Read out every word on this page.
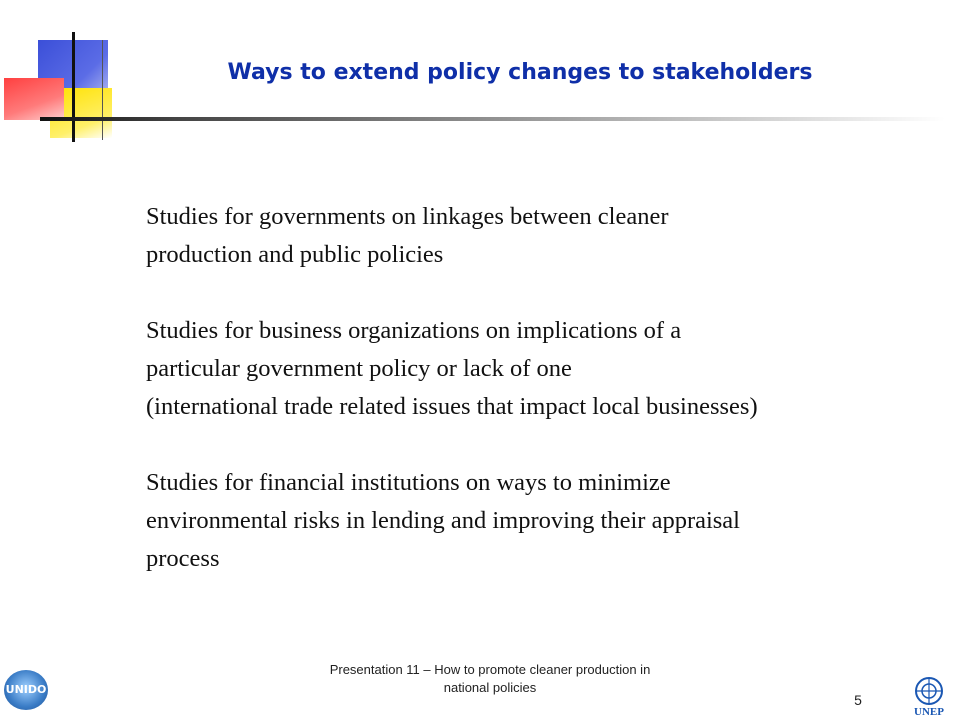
Ways to extend policy changes to stakeholders

Studies for governments on linkages between cleaner
production and public policies

Studies for business organizations on implications of a
particular government policy or lack of one
(international trade related issues that impact local businesses)

Studies for financial institutions on ways to minimize
environmental risks in lending and improving their appraisal
process

Presentation 11 – How to promote cleaner production in
national policies
5
UNIDO
UNEP
